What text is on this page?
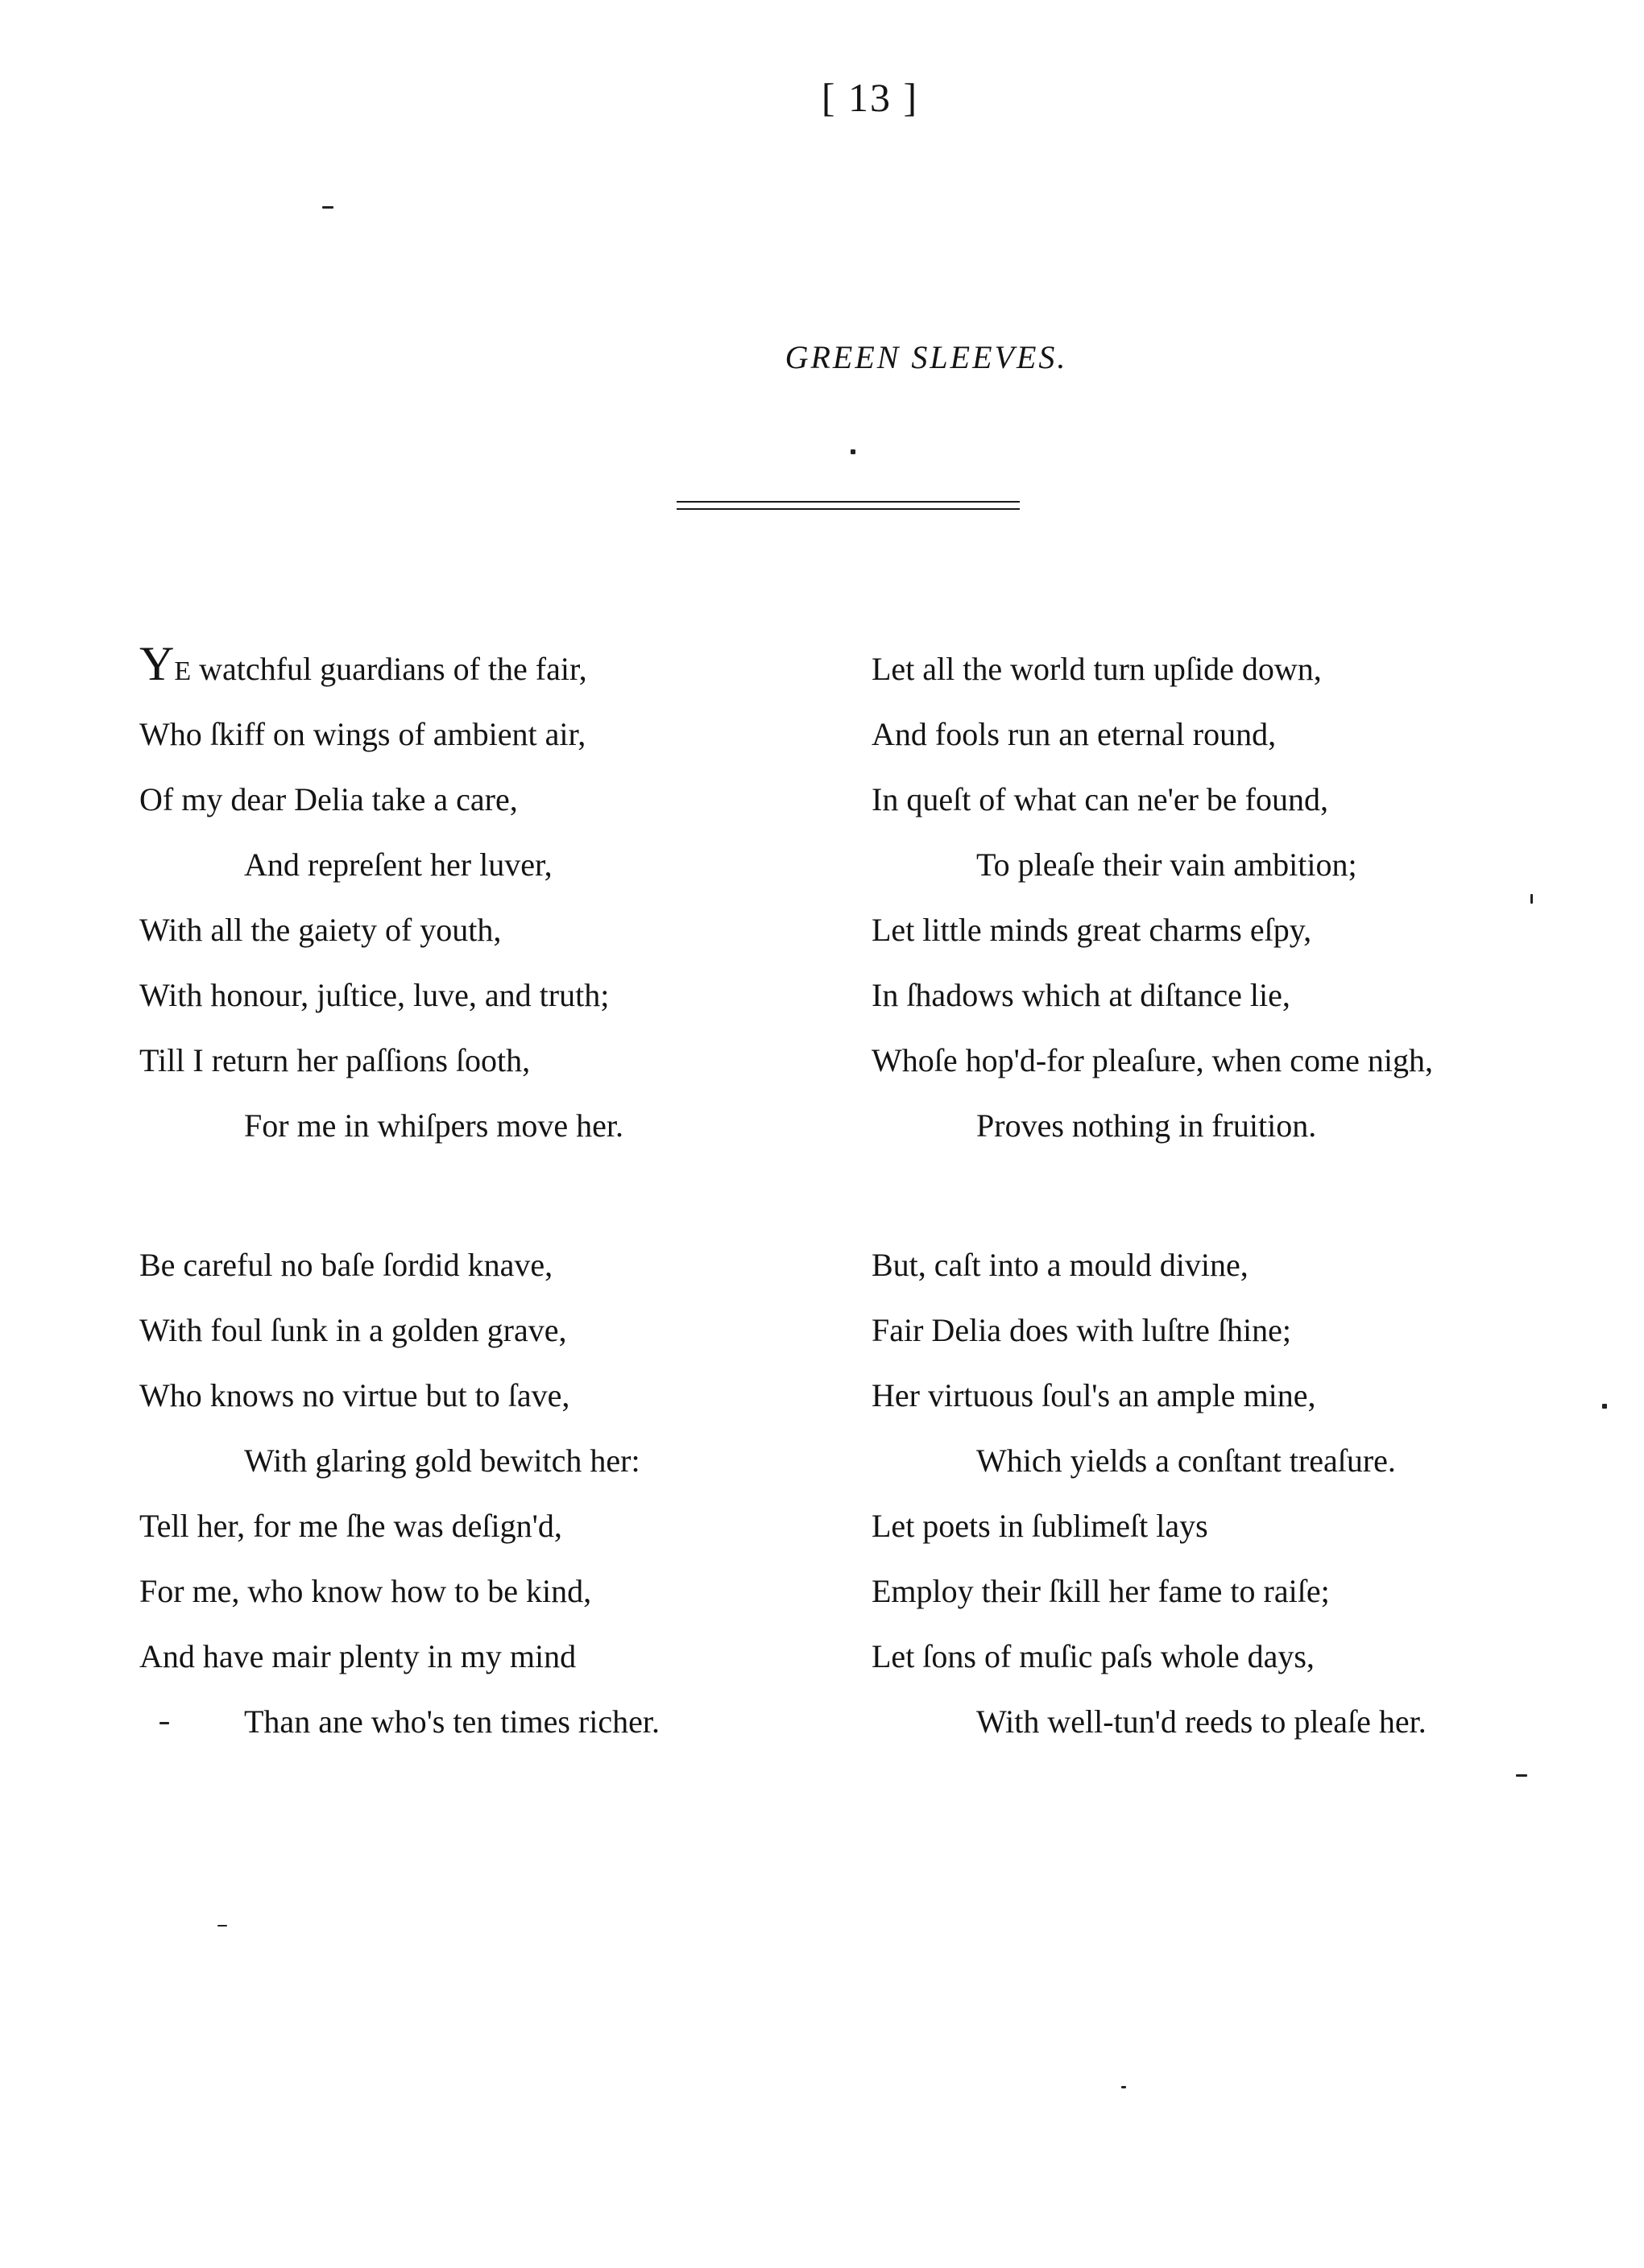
[ 13 ]
GREEN SLEEVES.
YE watchful guardians of the fair,
Who ſkiff on wings of ambient air,
Of my dear Delia take a care,
And repreſent her luver,
With all the gaiety of youth,
With honour, juſtice, luve, and truth;
Till I return her paſſions ſooth,
For me in whiſpers move her.
Be careful no baſe ſordid knave,
With foul ſunk in a golden grave,
Who knows no virtue but to ſave,
With glaring gold bewitch her:
Tell her, for me ſhe was deſign'd,
For me, who know how to be kind,
And have mair plenty in my mind
Than ane who's ten times richer.
Let all the world turn upſide down,
And fools run an eternal round,
In queſt of what can ne'er be found,
To pleaſe their vain ambition;
Let little minds great charms eſpy,
In ſhadows which at diſtance lie,
Whoſe hop'd-for pleaſure, when come nigh,
Proves nothing in fruition.
But, caſt into a mould divine,
Fair Delia does with luſtre ſhine;
Her virtuous ſoul's an ample mine,
Which yields a conſtant treaſure.
Let poets in ſublimeſt lays
Employ their ſkill her fame to raiſe;
Let ſons of muſic paſs whole days,
With well-tun'd reeds to pleaſe her.
